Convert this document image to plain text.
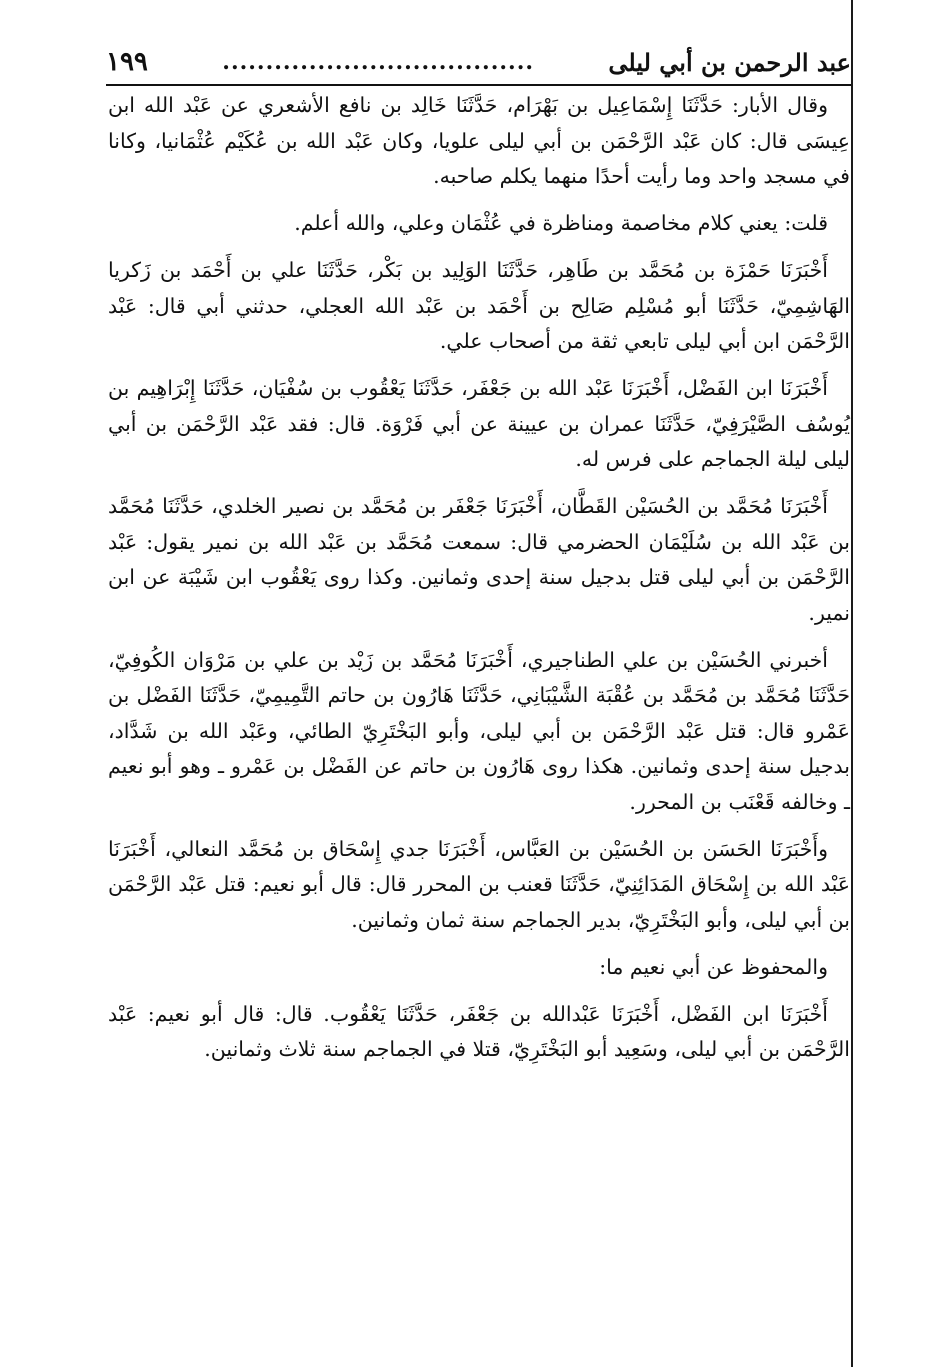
عبد الرحمن بن أبي ليلى
....................................
١٩٩

وقال الأبار: حَدَّثَنَا إِسْمَاعِيل بن بَهْرَام، حَدَّثَنَا خَالِد بن نافع الأشعري عن عَبْد الله ابن عِيسَى قال: كان عَبْد الرَّحْمَن بن أبي ليلى علويا، وكان عَبْد الله بن عُكَيْم عُثْمَانيا، وكانا في مسجد واحد وما رأيت أحدًا منهما يكلم صاحبه.

قلت: يعني كلام مخاصمة ومناظرة في عُثْمَان وعلي، والله أعلم.

أَخْبَرَنَا حَمْزَة بن مُحَمَّد بن طَاهِر، حَدَّثَنَا الوَلِيد بن بَكْر، حَدَّثَنَا علي بن أَحْمَد بن زَكريا الهَاشِمِيّ، حَدَّثَنَا أبو مُسْلِم صَالِح بن أَحْمَد بن عَبْد الله العجلي، حدثني أبي قال: عَبْد الرَّحْمَن ابن أبي ليلى تابعي ثقة من أصحاب علي.

أَخْبَرَنَا ابن الفَضْل، أَخْبَرَنَا عَبْد الله بن جَعْفَر، حَدَّثَنَا يَعْقُوب بن سُفْيَان، حَدَّثَنَا إِبْرَاهِيم بن يُوسُف الصَّيْرَفِيّ، حَدَّثَنَا عمران بن عيينة عن أبي فَرْوَة. قال: فقد عَبْد الرَّحْمَن بن أبي ليلى ليلة الجماجم على فرس له.

أَخْبَرَنَا مُحَمَّد بن الحُسَيْن القَطَّان، أَخْبَرَنَا جَعْفَر بن مُحَمَّد بن نصير الخلدي، حَدَّثَنَا مُحَمَّد بن عَبْد الله بن سُلَيْمَان الحضرمي قال: سمعت مُحَمَّد بن عَبْد الله بن نمير يقول: عَبْد الرَّحْمَن بن أبي ليلى قتل بدجيل سنة إحدى وثمانين. وكذا روى يَعْقُوب ابن شَيْبَة عن ابن نمير.

أخبرني الحُسَيْن بن علي الطناجيري، أَخْبَرَنَا مُحَمَّد بن زَيْد بن علي بن مَرْوَان الكُوفِيّ، حَدَّثَنَا مُحَمَّد بن مُحَمَّد بن عُقْبَة الشَّيْبَانِي، حَدَّثَنَا هَارُون بن حاتم التَّمِيمِيّ، حَدَّثَنَا الفَضْل بن عَمْرو قال: قتل عَبْد الرَّحْمَن بن أبي ليلى، وأبو البَخْتَرِيّ الطائي، وعَبْد الله بن شَدَّاد، بدجيل سنة إحدى وثمانين. هكذا روى هَارُون بن حاتم عن الفَضْل بن عَمْرو ـ وهو أبو نعيم ـ وخالفه قَعْنَب بن المحرر.

وأَخْبَرَنَا الحَسَن بن الحُسَيْن بن العَبَّاس، أَخْبَرَنَا جدي إِسْحَاق بن مُحَمَّد النعالي، أَخْبَرَنَا عَبْد الله بن إِسْحَاق المَدَائِنِيّ، حَدَّثَنَا قعنب بن المحرر قال: قال أبو نعيم: قتل عَبْد الرَّحْمَن بن أبي ليلى، وأبو البَخْتَرِيّ، بدير الجماجم سنة ثمان وثمانين.

والمحفوظ عن أبي نعيم ما:

أَخْبَرَنَا ابن الفَضْل، أَخْبَرَنَا عَبْدالله بن جَعْفَر، حَدَّثَنَا يَعْقُوب. قال: قال أبو نعيم: عَبْد الرَّحْمَن بن أبي ليلى، وسَعِيد أبو البَخْتَرِيّ، قتلا في الجماجم سنة ثلاث وثمانين.
